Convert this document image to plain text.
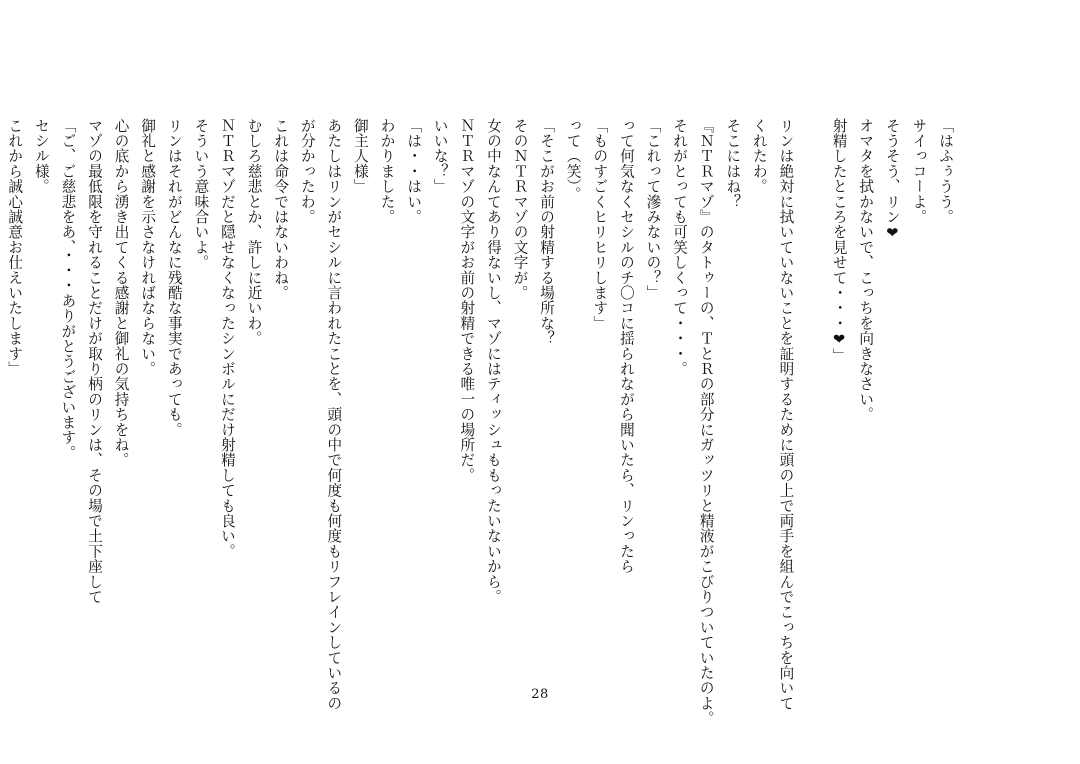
「はふぅうう。
サイっコーよ。
そうそう、リン❤
オマタを拭かないで、こっちを向きなさい。
射精したところを見せて・・・❤」

リンは絶対に拭いていないことを証明するために頭の上で両手を組んでこっちを向いて
くれたわ。
そこにはね？
『ＮＴＲマゾ』のタトゥーの、ＴとＲの部分にガッツリと精液がこびりついていたのよ。
それがとっても可笑しくって・・・。
「これって滲みないの？」
って何気なくセシルのチ〇コに揺られながら聞いたら、リンったら
「ものすごくヒリヒリします」
って（笑）。
「そこがお前の射精する場所な？
そのＮＴＲマゾの文字が。
女の中なんてあり得ないし、マゾにはティッシュももったいないから。
ＮＴＲマゾの文字がお前の射精できる唯一の場所だ。
いいな？」
「は・・はい。
わかりました。
御主人様」
あたしはリンがセシルに言われたことを、頭の中で何度も何度もリフレインしているの
が分かったわ。
これは命令ではないわね。
むしろ慈悲とか、許しに近いわ。
ＮＴＲマゾだと隠せなくなったシンボルにだけ射精しても良い。
そういう意味合いよ。
リンはそれがどんなに残酷な事実であっても。
御礼と感謝を示さなければならない。
心の底から湧き出てくる感謝と御礼の気持ちをね。
マゾの最低限を守れることだけが取り柄のリンは、その場で土下座して
「ご、ご慈悲をあ、・・・ありがとうございます。
セシル様。
これから誠心誠意お仕えいたします」
28
